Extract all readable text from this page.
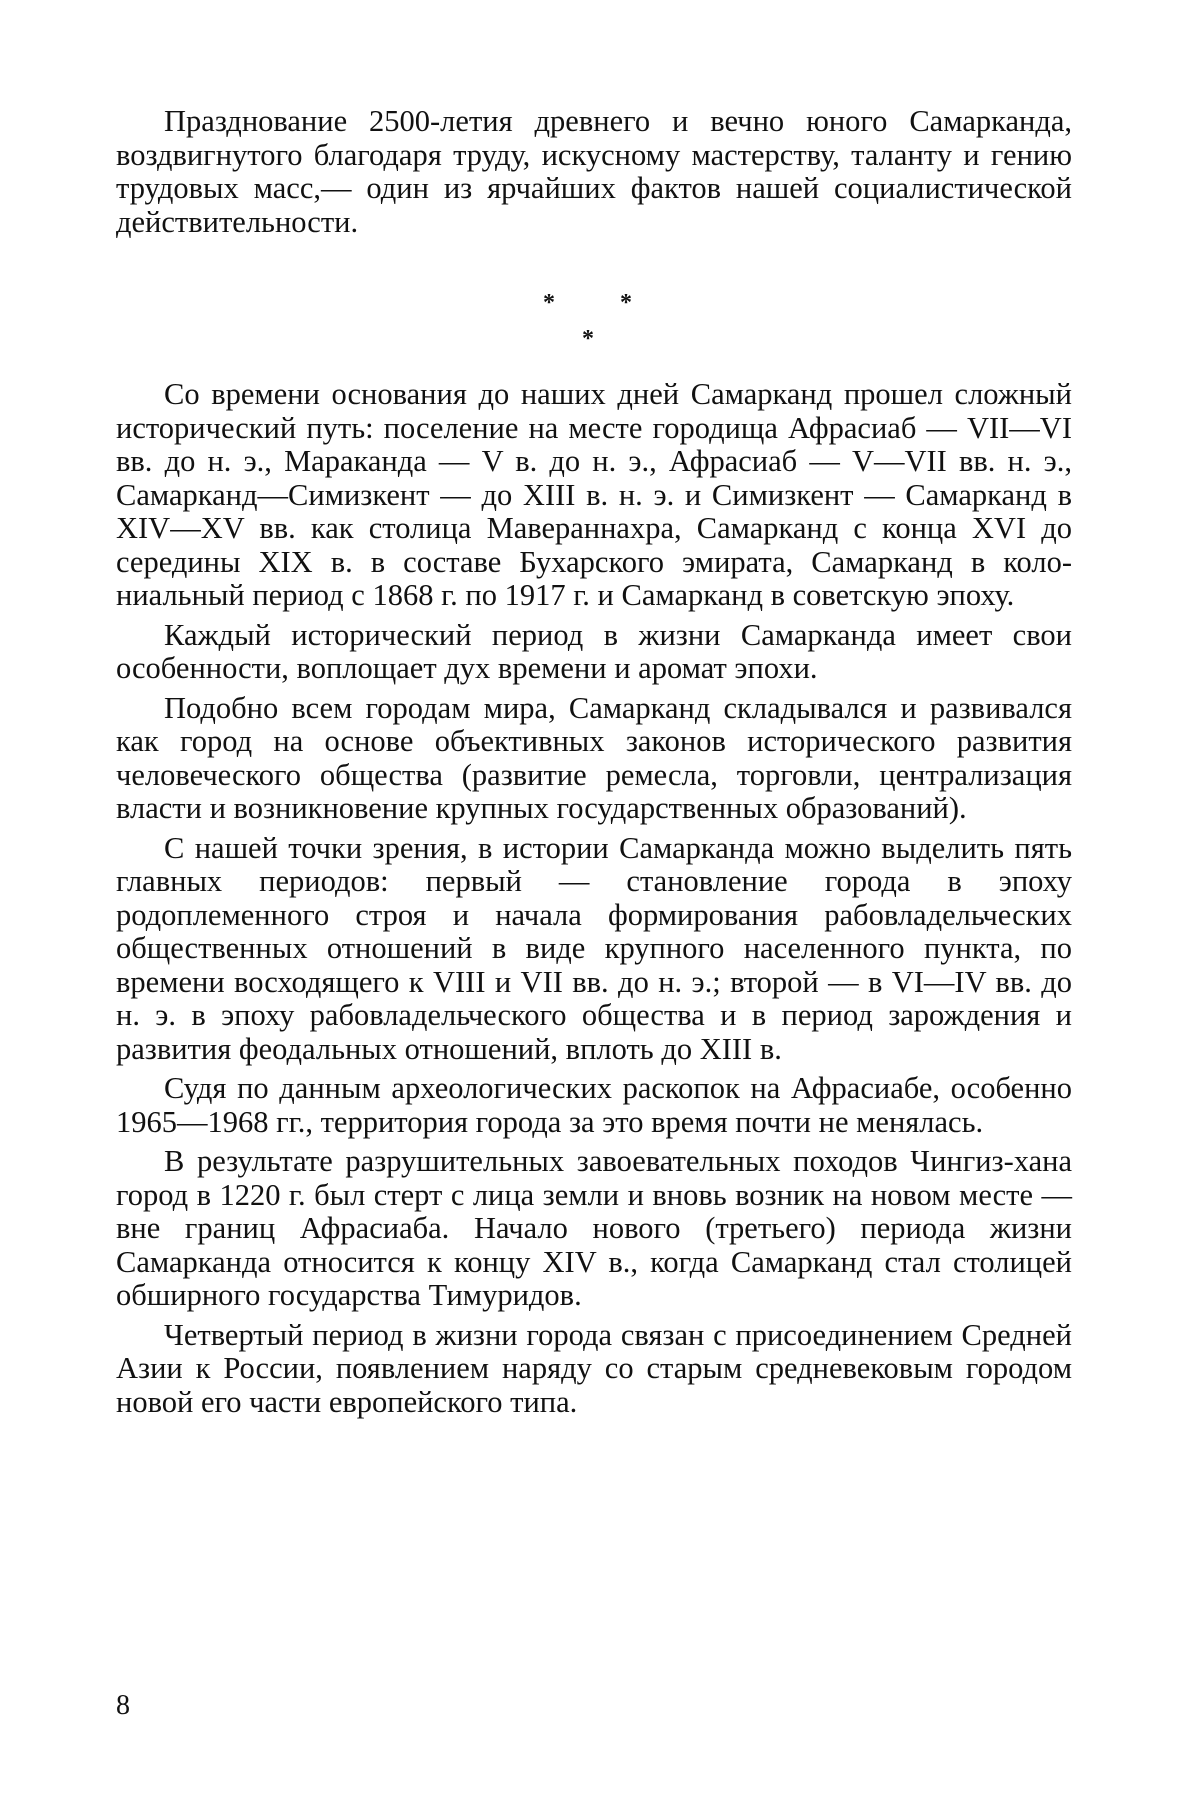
Празднование 2500-летия древнего и вечно юного Самарканда, воздвигнутого благодаря труду, искусному мастерству, таланту и гению трудовых масс,— один из ярчайших фактов нашей социалистической действительности.

*	*
*

Со времени основания до наших дней Самарканд прошел сложный исторический путь: поселение на месте городища Афрасиаб — VII—VI вв. до н. э., Мараканда — V в. до н. э., Афрасиаб — V—VII вв. н. э., Самарканд—Симизкент — до XIII в. н. э. и Симизкент — Самарканд в XIV—XV вв. как столица Мавераннахра, Самарканд с конца XVI до середины XIX в. в составе Бухарского эмирата, Самарканд в колониальный период с 1868 г. по 1917 г. и Самарканд в советскую эпоху.

Каждый исторический период в жизни Самарканда имеет свои особенности, воплощает дух времени и аромат эпохи.

Подобно всем городам мира, Самарканд складывался и развивался как город на основе объективных законов исторического развития человеческого общества (развитие ремесла, торговли, централизация власти и возникновение крупных государственных образований).

С нашей точки зрения, в истории Самарканда можно выделить пять главных периодов: первый — становление города в эпоху родоплеменного строя и начала формирования рабовладельческих общественных отношений в виде крупного населенного пункта, по времени восходящего к VIII и VII вв. до н. э.; второй — в VI—IV вв. до н. э. в эпоху рабовладельческого общества и в период зарождения и развития феодальных отношений, вплоть до XIII в.

Судя по данным археологических раскопок на Афрасиабе, особенно 1965—1968 гг., территория города за это время почти не менялась.

В результате разрушительных завоевательных походов Чингиз-хана город в 1220 г. был стерт с лица земли и вновь возник на новом месте — вне границ Афрасиаба. Начало нового (третьего) периода жизни Самарканда относится к концу XIV в., когда Самарканд стал столицей обширного государства Тимуридов.

Четвертый период в жизни города связан с присоединением Средней Азии к России, появлением наряду со старым средневековым городом новой его части европейского типа.

8
